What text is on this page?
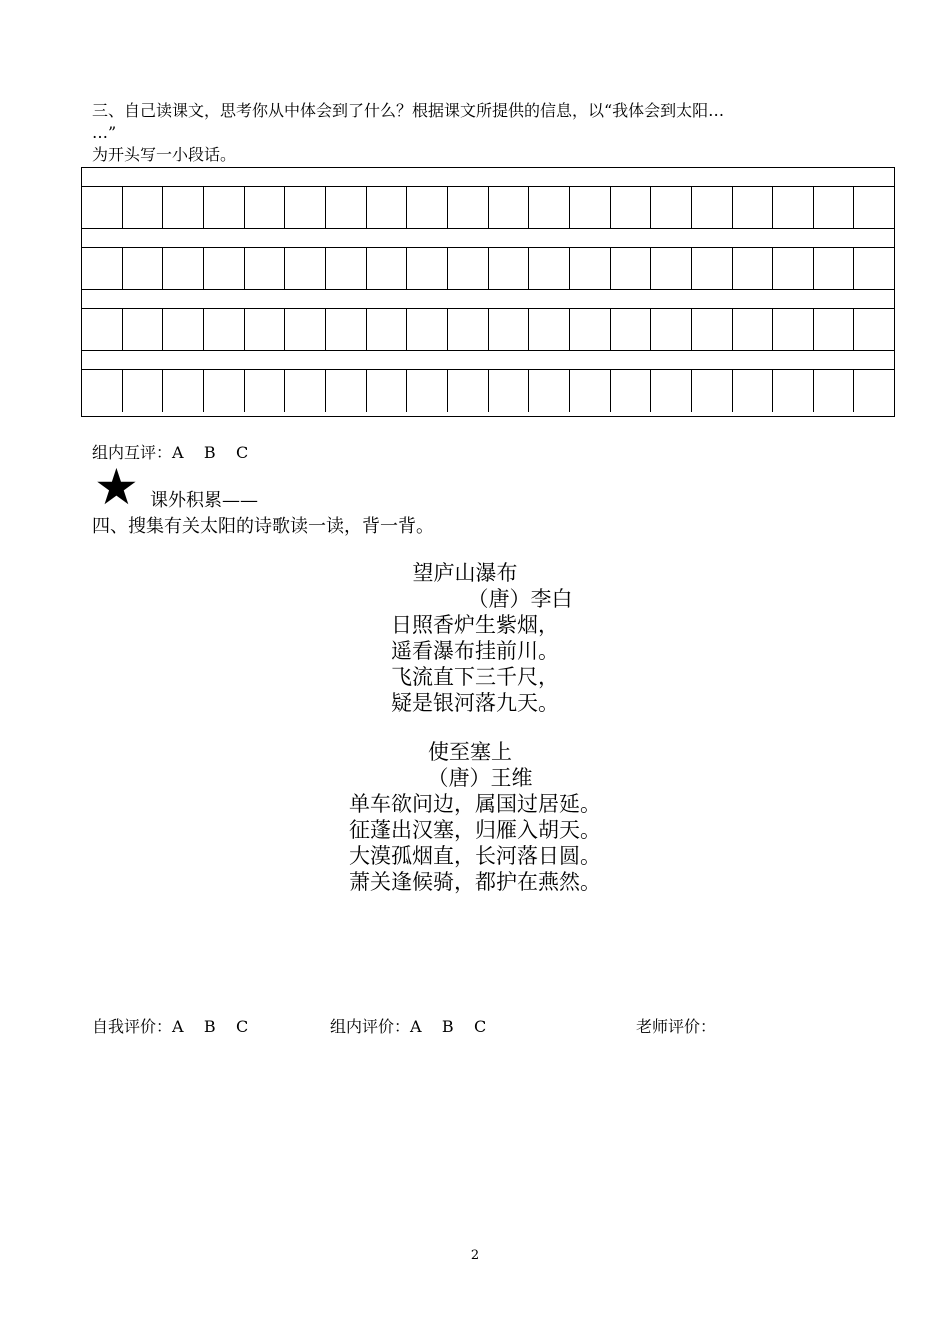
三、自己读课文，思考你从中体会到了什么？根据课文所提供的信息，以“我体会到太阳…
…”
为开头写一小段话。
组内互评：A    B    C
★ 课外积累——
四、搜集有关太阳的诗歌读一读，背一背。
望庐山瀑布
（唐）李白
日照香炉生紫烟，
遥看瀑布挂前川。
飞流直下三千尺，
疑是银河落九天。
使至塞上
（唐）王维
单车欲问边，属国过居延。
征蓬出汉塞，归雁入胡天。
大漠孤烟直，长河落日圆。
萧关逢候骑，都护在燕然。
自我评价：A    B    C	组内评价：A    B    C	老师评价：
2
